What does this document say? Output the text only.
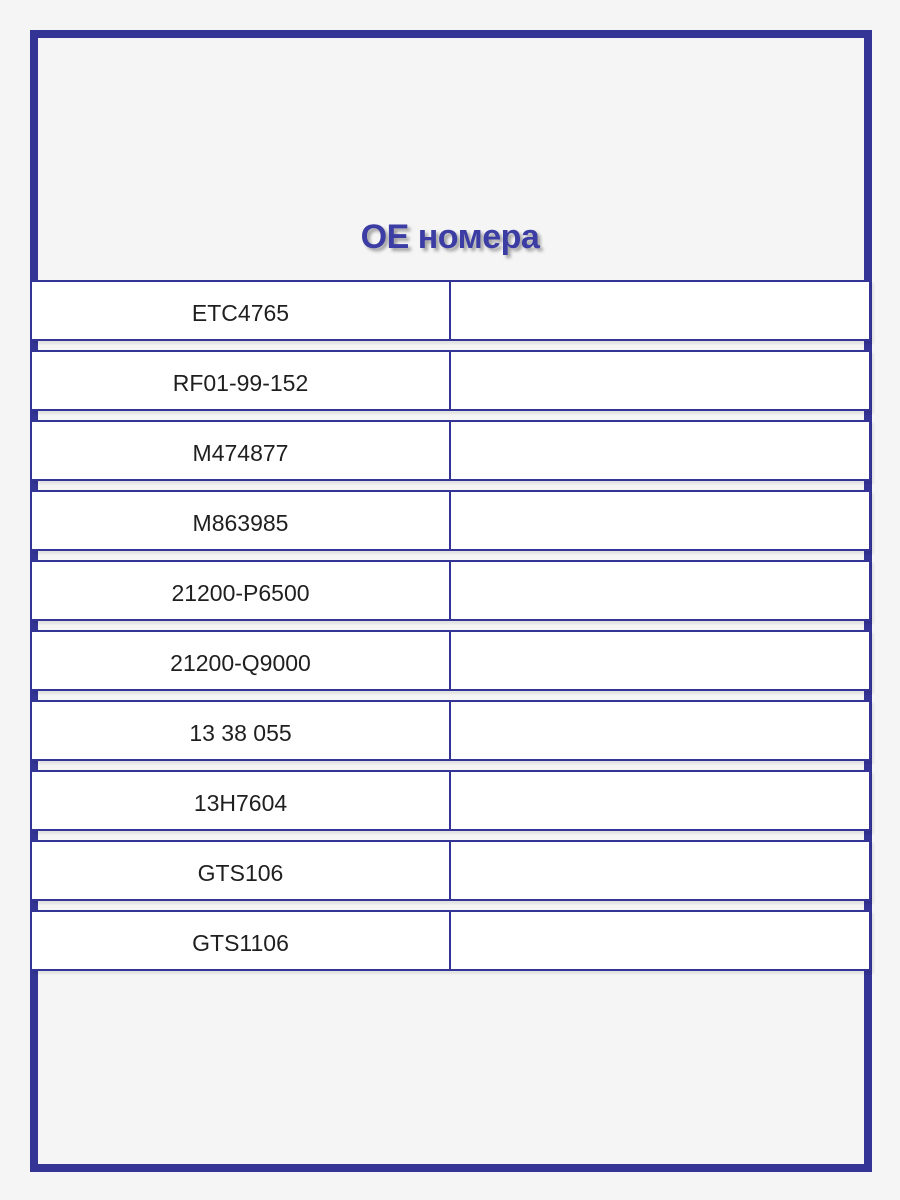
OE номера
ETC4765
RF01-99-152
M474877
M863985
21200-P6500
21200-Q9000
13 38 055
13H7604
GTS106
GTS1106
